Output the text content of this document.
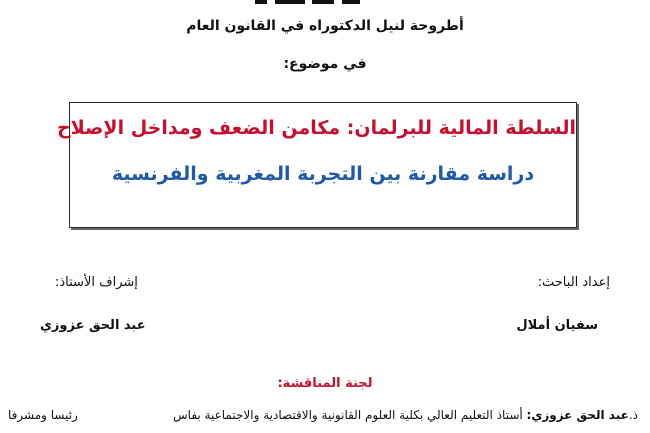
أطروحة لنيل الدكتوراه في القانون العام
في موضوع:
السلطة المالية للبرلمان: مكامن الضعف ومداخل الإصلاح
دراسة مقارنة بين التجربة المغربية والفرنسية
إعداد الباحث:
إشراف الأستاذ:
سفيان أملال
عبد الحق عزوزي
لجنة المناقشة:
ذ.عبد الحق عزوزي: أستاذ التعليم العالي بكلية العلوم القانونية والاقتصادية والاجتماعية بفاس
رئيسا ومشرفا
